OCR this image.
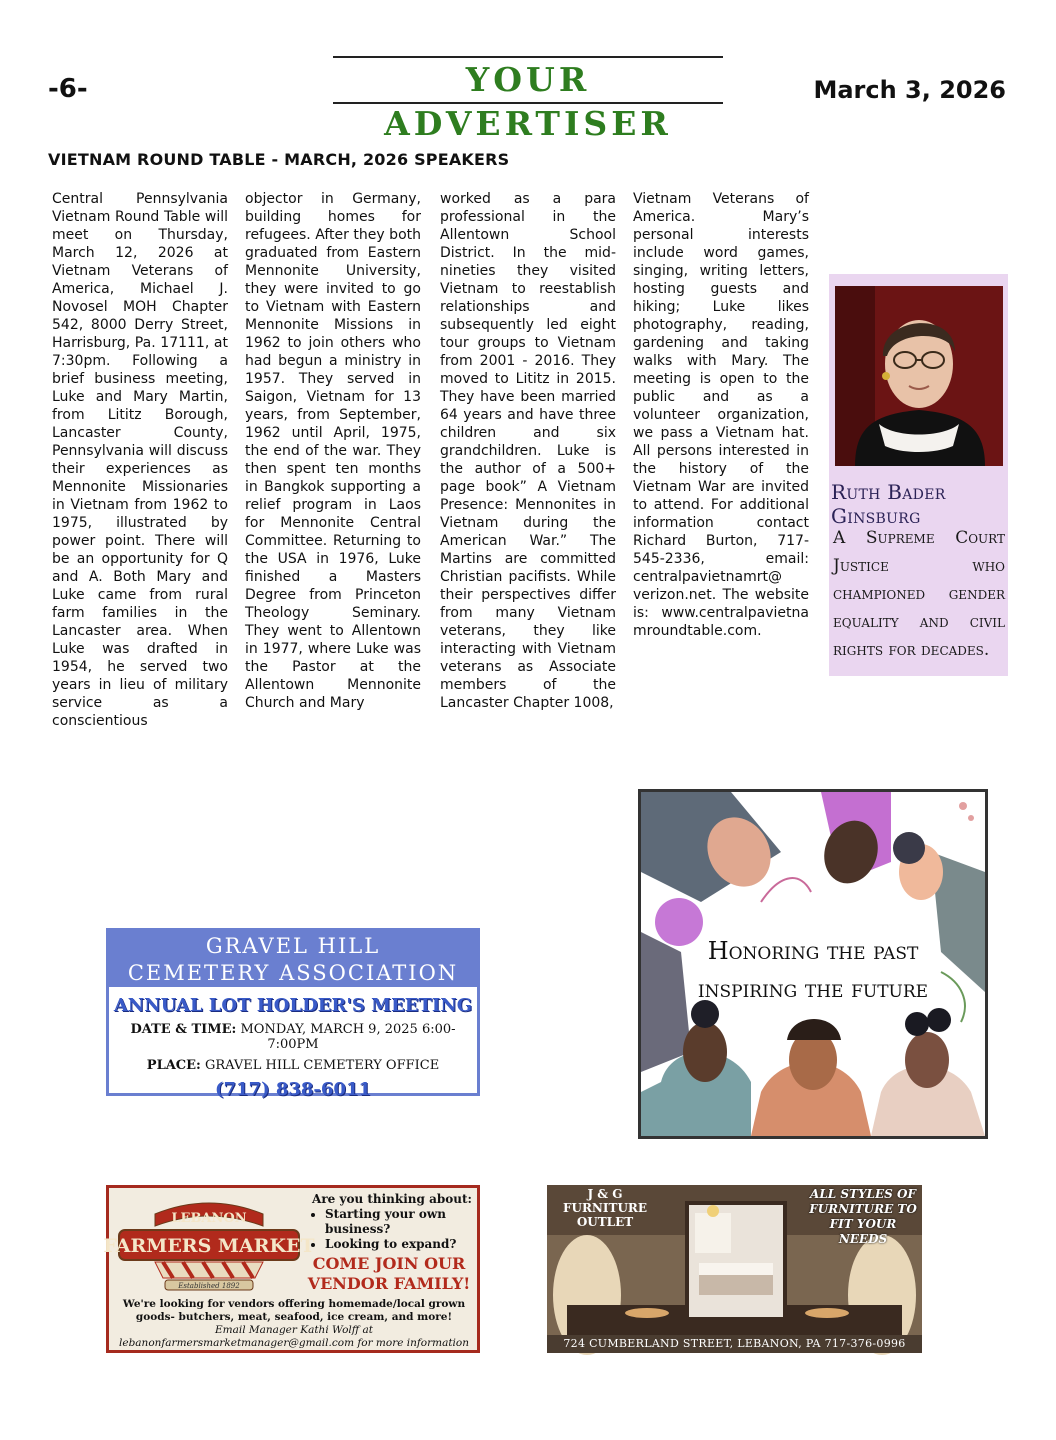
-6-	YOUR ADVERTISER
March 3, 2026
VIETNAM ROUND TABLE - MARCH, 2026 SPEAKERS
Central Pennsylvania Vietnam Round Table will meet on Thursday, March 12, 2026 at Vietnam Veterans of America, Michael J. Novosel MOH Chapter 542, 8000 Derry Street, Harrisburg, Pa. 17111, at 7:30pm. Following a brief business meeting, Luke and Mary Martin, from Lititz Borough, Lancaster County, Pennsylvania will discuss their experiences as Mennonite Missionaries in Vietnam from 1962 to 1975, illustrated by power point. There will be an opportunity for Q and A. Both Mary and Luke came from rural farm families in the Lancaster area. When Luke was drafted in 1954, he served two years in lieu of military service as a conscientious
objector in Germany, building homes for refugees. After they both graduated from Eastern Mennonite University, they were invited to go to Vietnam with Eastern Mennonite Missions in 1962 to join others who had begun a ministry in 1957. They served in Saigon, Vietnam for 13 years, from September, 1962 until April, 1975, the end of the war. They then spent ten months in Bangkok supporting a relief program in Laos for Mennonite Central Committee. Returning to the USA in 1976, Luke finished a Masters Degree from Princeton Theology Seminary. They went to Allentown in 1977, where Luke was the Pastor at the Allentown Mennonite Church and Mary
worked as a para professional in the Allentown School District. In the mid-nineties they visited Vietnam to reestablish relationships and subsequently led eight tour groups to Vietnam from 2001 - 2016. They moved to Lititz in 2015. They have been married 64 years and have three children and six grandchildren. Luke is the author of a 500+ page book” A Vietnam Presence: Mennonites in Vietnam during the American War.” The Martins are committed Christian pacifists. While their perspectives differ from many Vietnam veterans, they like interacting with Vietnam veterans as Associate members of the Lancaster Chapter 1008,
Vietnam Veterans of America. Mary’s personal interests include word games, singing, writing letters, hosting guests and hiking; Luke likes photography, reading, gardening and taking walks with Mary. The meeting is open to the public and as a volunteer organization, we pass a Vietnam hat. All persons interested in the history of the Vietnam War are invited to attend. For additional information contact Richard Burton, 717-545-2336, email: centralpavietnamrt@ verizon.net. The website is: www.centralpavietna mroundtable.com.
Ruth Bader Ginsburg
A Supreme Court Justice who championed gender equality and civil rights for decades.
GRAVEL HILL
CEMETERY ASSOCIATION
ANNUAL LOT HOLDER'S MEETING
DATE & TIME: MONDAY, MARCH 9, 2025 6:00-7:00PM
PLACE: GRAVEL HILL CEMETERY OFFICE
(717) 838-6011
Honoring the past
inspiring the future
LEBANON
FARMERS MARKET
Established 1892
Are you thinking about:
• Starting your own business?
• Looking to expand?
COME JOIN OUR VENDOR FAMILY!
We're looking for vendors offering homemade/local grown goods- butchers, meat, seafood, ice cream, and more!
Email Manager Kathi Wolff at
lebanonfarmersmarketmanager@gmail.com for more information
J & G FURNITURE OUTLET
ALL STYLES OF FURNITURE TO FIT YOUR NEEDS
724 CUMBERLAND STREET, LEBANON, PA 717-376-0996
